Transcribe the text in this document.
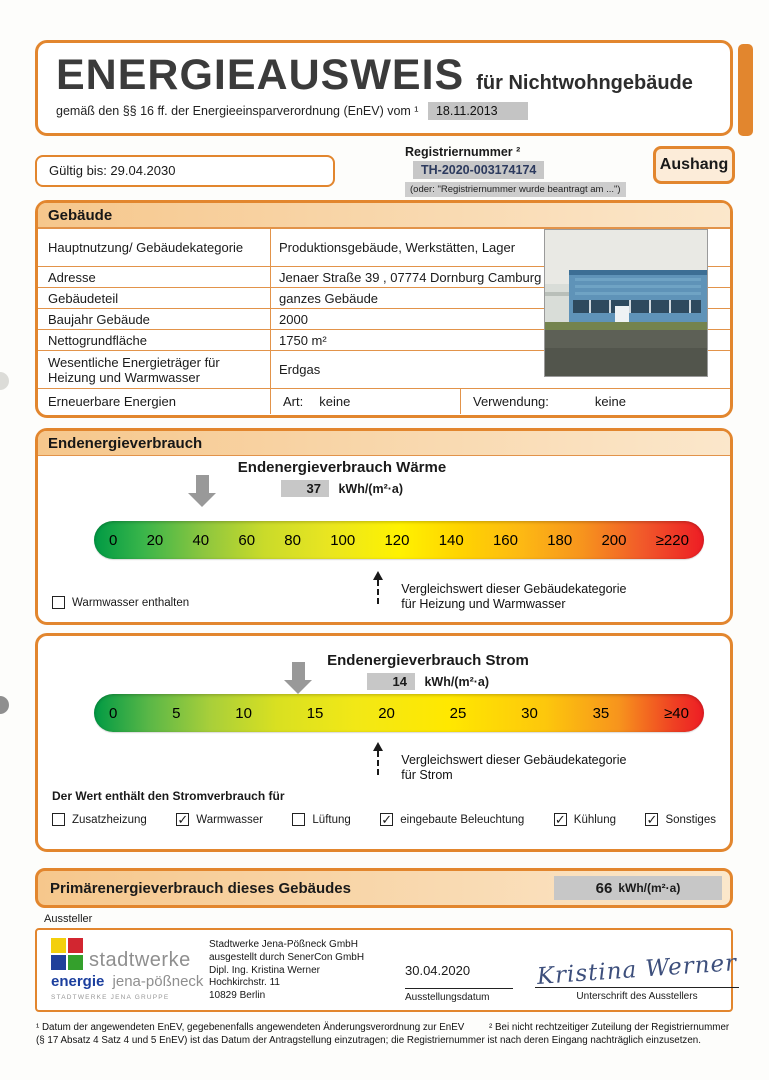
ENERGIEAUSWEIS für Nichtwohngebäude
gemäß den §§ 16 ff. der Energieeinsparverordnung (EnEV) vom ¹ 18.11.2013
Gültig bis: 29.04.2030
Registriernummer ² TH-2020-003174174
(oder: "Registriernummer wurde beantragt am ...")
Aushang
Gebäude
Hauptnutzung/ Gebäudekategorie	Produktionsgebäude, Werkstätten, Lager
Adresse	Jenaer Straße 39 , 07774 Dornburg Camburg
Gebäudeteil	ganzes Gebäude
Baujahr Gebäude	2000
Nettogrundfläche	1750 m²
Wesentliche Energieträger für Heizung und Warmwasser	Erdgas
Erneuerbare Energien	Art: keine	Verwendung:	keine
Endenergieverbrauch
Endenergieverbrauch Wärme
37 kWh/(m²·a)
0 20 40 60 80 100 120 140 160 180 200 ≥220
Vergleichswert dieser Gebäudekategorie
für Heizung und Warmwasser
Warmwasser enthalten
Endenergieverbrauch Strom
14 kWh/(m²·a)
0	5	10	15	20	25	30	35	≥40
Vergleichswert dieser Gebäudekategorie
für Strom
Der Wert enthält den Stromverbrauch für
Zusatzheizung ✓ Warmwasser	Lüftung ✓ eingebaute Beleuchtung ✓ Kühlung ✓ Sonstiges
Primärenergieverbrauch dieses Gebäudes	66 kWh/(m²·a)
Aussteller
stadtwerke
energie jena-pößneck
STADTWERKE JENA GRUPPE
Stadtwerke Jena-Pößneck GmbH
ausgestellt durch SenerCon GmbH
Dipl. Ing. Kristina Werner
Hochkirchstr. 11
10829 Berlin
30.04.2020
Ausstellungsdatum
Kristina Werner
Unterschrift des Ausstellers
¹ Datum der angewendeten EnEV, gegebenenfalls angewendeten Änderungsverordnung zur EnEV	² Bei nicht rechtzeitiger Zuteilung der Registriernummer (§ 17 Absatz 4 Satz 4 und 5 EnEV) ist das Datum der Antragstellung einzutragen; die Registriernummer ist nach deren Eingang nachträglich einzusetzen.
